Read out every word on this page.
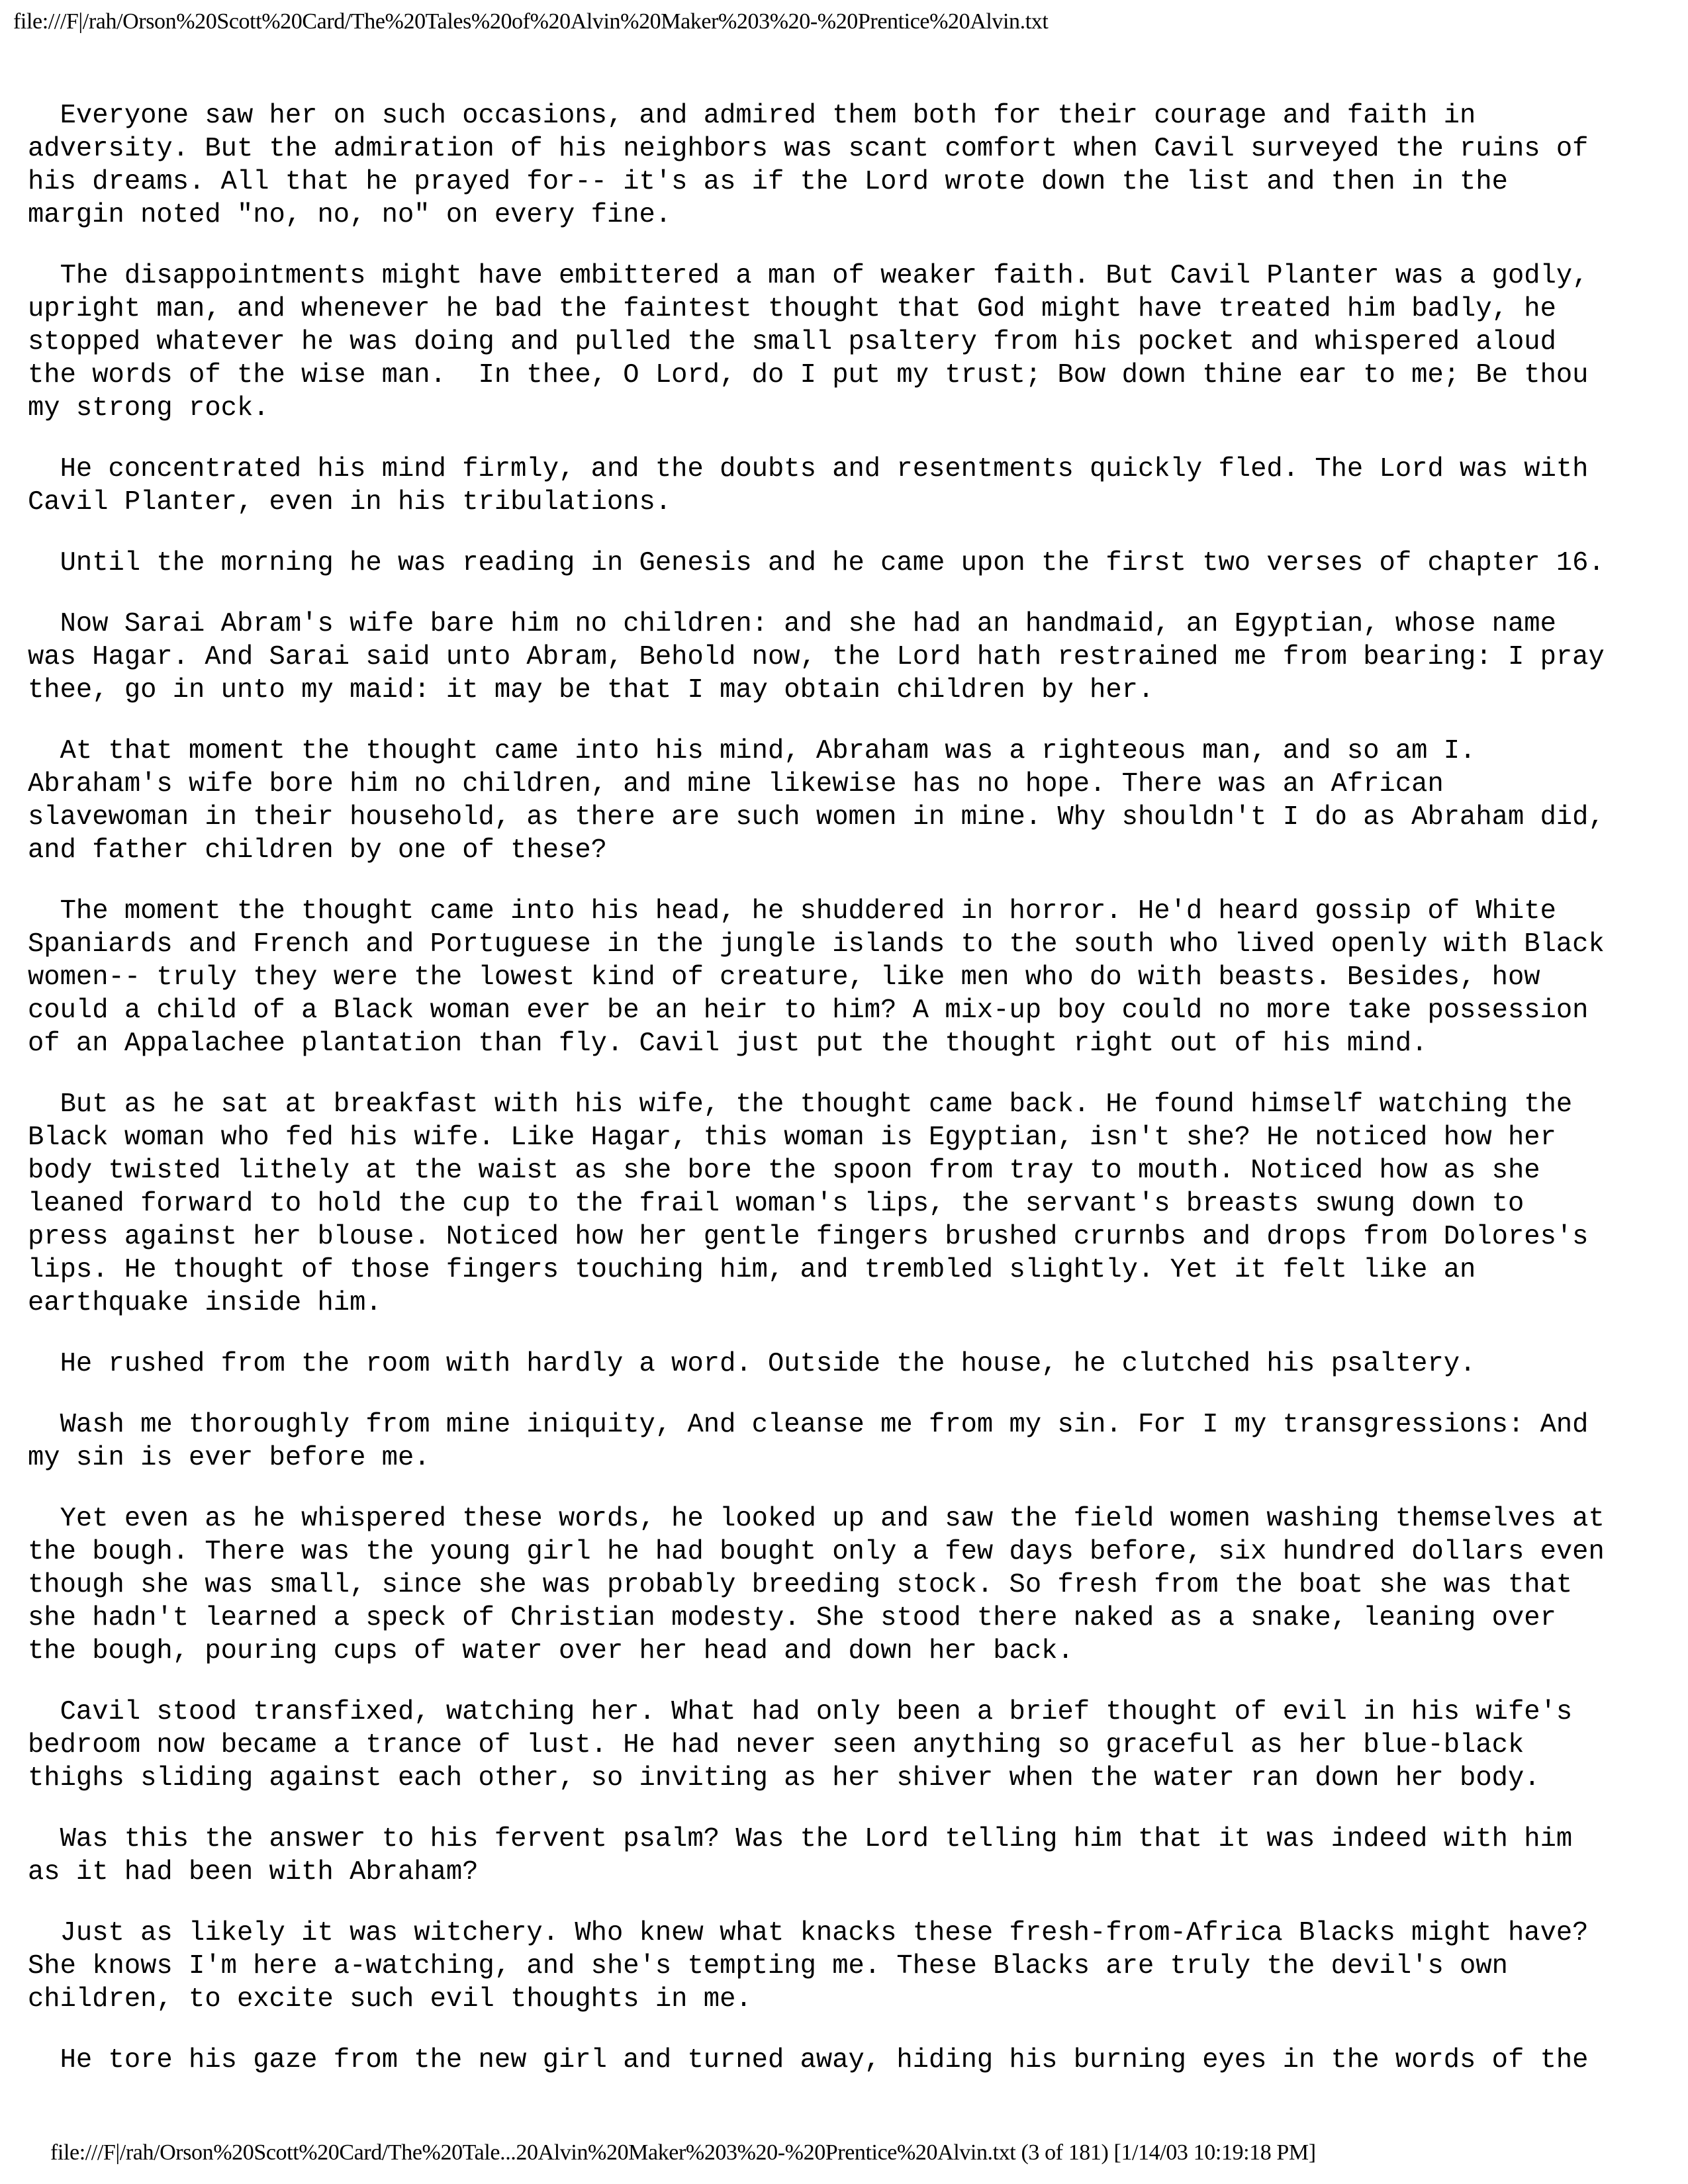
file:///F|/rah/Orson%20Scott%20Card/The%20Tales%20of%20Alvin%20Maker%203%20-%20Prentice%20Alvin.txt

Everyone saw her on such occasions, and admired them both for their courage and faith in
adversity. But the admiration of his neighbors was scant comfort when Cavil surveyed the ruins of
his dreams. All that he prayed for-- it's as if the Lord wrote down the list and then in the
margin noted "no, no, no" on every fine.

The disappointments might have embittered a man of weaker faith. But Cavil Planter was a godly,
upright man, and whenever he bad the faintest thought that God might have treated him badly, he
stopped whatever he was doing and pulled the small psaltery from his pocket and whispered aloud
the words of the wise man.  In thee, O Lord, do I put my trust; Bow down thine ear to me; Be thou
my strong rock.

He concentrated his mind firmly, and the doubts and resentments quickly fled. The Lord was with
Cavil Planter, even in his tribulations.

Until the morning he was reading in Genesis and he came upon the first two verses of chapter 16.

Now Sarai Abram's wife bare him no children: and she had an handmaid, an Egyptian, whose name
was Hagar. And Sarai said unto Abram, Behold now, the Lord hath restrained me from bearing: I pray
thee, go in unto my maid: it may be that I may obtain children by her.

At that moment the thought came into his mind, Abraham was a righteous man, and so am I.
Abraham's wife bore him no children, and mine likewise has no hope. There was an African
slavewoman in their household, as there are such women in mine. Why shouldn't I do as Abraham did,
and father children by one of these?

The moment the thought came into his head, he shuddered in horror. He'd heard gossip of White
Spaniards and French and Portuguese in the jungle islands to the south who lived openly with Black
women-- truly they were the lowest kind of creature, like men who do with beasts. Besides, how
could a child of a Black woman ever be an heir to him? A mix-up boy could no more take possession
of an Appalachee plantation than fly. Cavil just put the thought right out of his mind.

But as he sat at breakfast with his wife, the thought came back. He found himself watching the
Black woman who fed his wife. Like Hagar, this woman is Egyptian, isn't she? He noticed how her
body twisted lithely at the waist as she bore the spoon from tray to mouth. Noticed how as she
leaned forward to hold the cup to the frail woman's lips, the servant's breasts swung down to
press against her blouse. Noticed how her gentle fingers brushed crurnbs and drops from Dolores's
lips. He thought of those fingers touching him, and trembled slightly. Yet it felt like an
earthquake inside him.

He rushed from the room with hardly a word. Outside the house, he clutched his psaltery.

Wash me thoroughly from mine iniquity, And cleanse me from my sin. For I my transgressions: And
my sin is ever before me.

Yet even as he whispered these words, he looked up and saw the field women washing themselves at
the bough. There was the young girl he had bought only a few days before, six hundred dollars even
though she was small, since she was probably breeding stock. So fresh from the boat she was that
she hadn't learned a speck of Christian modesty. She stood there naked as a snake, leaning over
the bough, pouring cups of water over her head and down her back.

Cavil stood transfixed, watching her. What had only been a brief thought of evil in his wife's
bedroom now became a trance of lust. He had never seen anything so graceful as her blue-black
thighs sliding against each other, so inviting as her shiver when the water ran down her body.

Was this the answer to his fervent psalm? Was the Lord telling him that it was indeed with him
as it had been with Abraham?

Just as likely it was witchery. Who knew what knacks these fresh-from-Africa Blacks might have?
She knows I'm here a-watching, and she's tempting me. These Blacks are truly the devil's own
children, to excite such evil thoughts in me.

He tore his gaze from the new girl and turned away, hiding his burning eyes in the words of the

file:///F|/rah/Orson%20Scott%20Card/The%20Tale...20Alvin%20Maker%203%20-%20Prentice%20Alvin.txt (3 of 181) [1/14/03 10:19:18 PM]
